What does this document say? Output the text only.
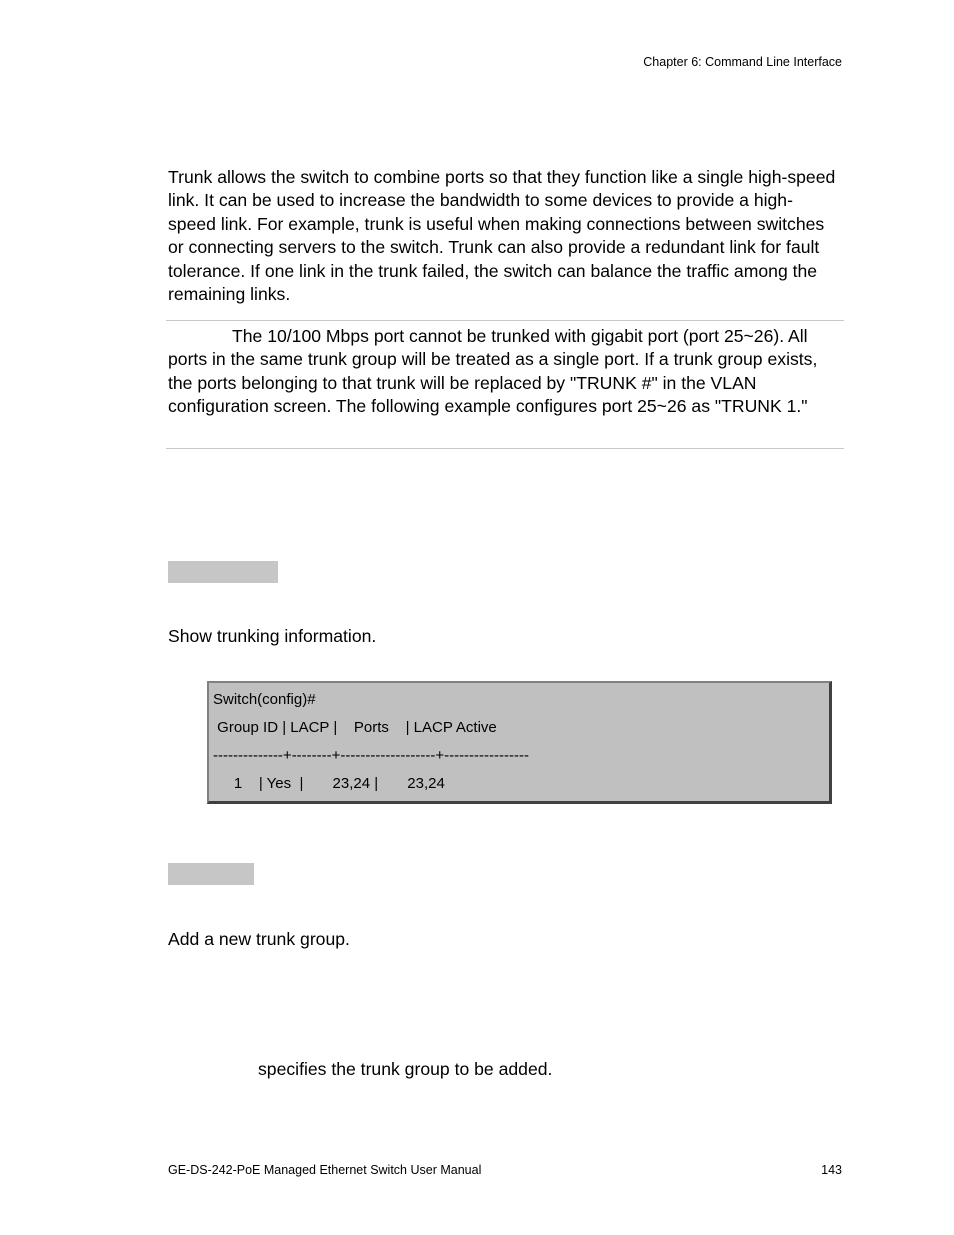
Chapter 6: Command Line Interface

Trunk allows the switch to combine ports so that they function like a single high-speed link. It can be used to increase the bandwidth to some devices to provide a high-speed link. For example, trunk is useful when making connections between switches or connecting servers to the switch. Trunk can also provide a redundant link for fault tolerance. If one link in the trunk failed, the switch can balance the traffic among the remaining links.

The 10/100 Mbps port cannot be trunked with gigabit port (port 25~26). All ports in the same trunk group will be treated as a single port. If a trunk group exists, the ports belonging to that trunk will be replaced by "TRUNK #" in the VLAN configuration screen. The following example configures port 25~26 as "TRUNK 1."

Show trunking information.

Switch(config)#
Group ID | LACP |    Ports    | LACP Active
--------------+--------+-------------------+-----------------
1    | Yes  |       23,24 |       23,24

Add a new trunk group.

specifies the trunk group to be added.

GE-DS-242-PoE Managed Ethernet Switch User Manual	143
